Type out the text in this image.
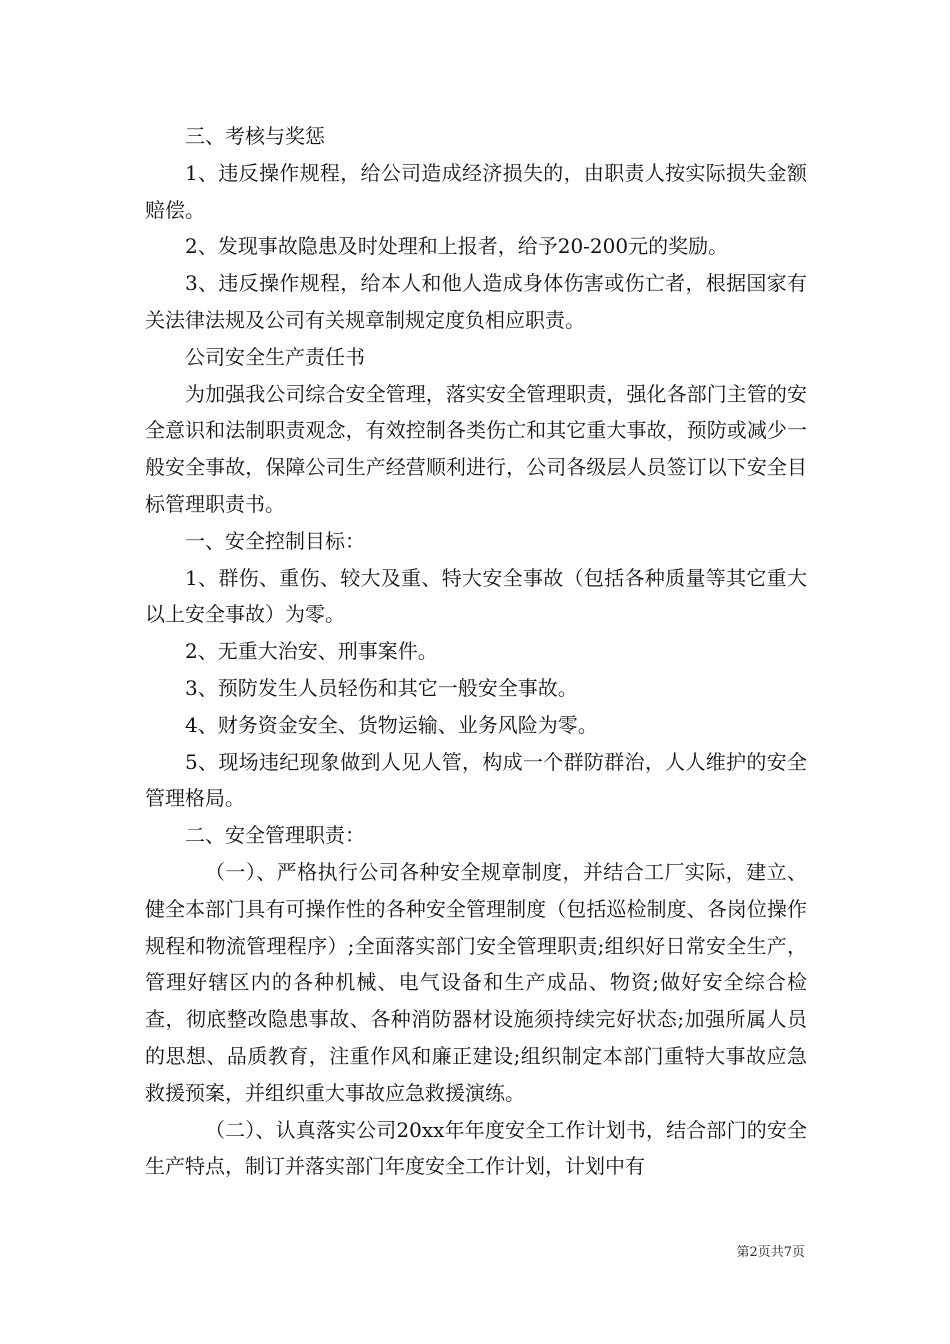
三、考核与奖惩

1、违反操作规程，给公司造成经济损失的，由职责人按实际损失金额赔偿。

2、发现事故隐患及时处理和上报者，给予20-200元的奖励。

3、违反操作规程，给本人和他人造成身体伤害或伤亡者，根据国家有关法律法规及公司有关规章制规定度负相应职责。

公司安全生产责任书

为加强我公司综合安全管理，落实安全管理职责，强化各部门主管的安全意识和法制职责观念，有效控制各类伤亡和其它重大事故，预防或减少一般安全事故，保障公司生产经营顺利进行，公司各级层人员签订以下安全目标管理职责书。

一、安全控制目标：

1、群伤、重伤、较大及重、特大安全事故（包括各种质量等其它重大以上安全事故）为零。

2、无重大治安、刑事案件。

3、预防发生人员轻伤和其它一般安全事故。

4、财务资金安全、货物运输、业务风险为零。

5、现场违纪现象做到人见人管，构成一个群防群治，人人维护的安全管理格局。

二、安全管理职责：

（一）、严格执行公司各种安全规章制度，并结合工厂实际，建立、健全本部门具有可操作性的各种安全管理制度（包括巡检制度、各岗位操作规程和物流管理程序）;全面落实部门安全管理职责;组织好日常安全生产，管理好辖区内的各种机械、电气设备和生产成品、物资;做好安全综合检查，彻底整改隐患事故、各种消防器材设施须持续完好状态;加强所属人员的思想、品质教育，注重作风和廉正建设;组织制定本部门重特大事故应急救援预案，并组织重大事故应急救援演练。

（二）、认真落实公司20xx年年度安全工作计划书，结合部门的安全生产特点，制订并落实部门年度安全工作计划，计划中有

第2页共7页
